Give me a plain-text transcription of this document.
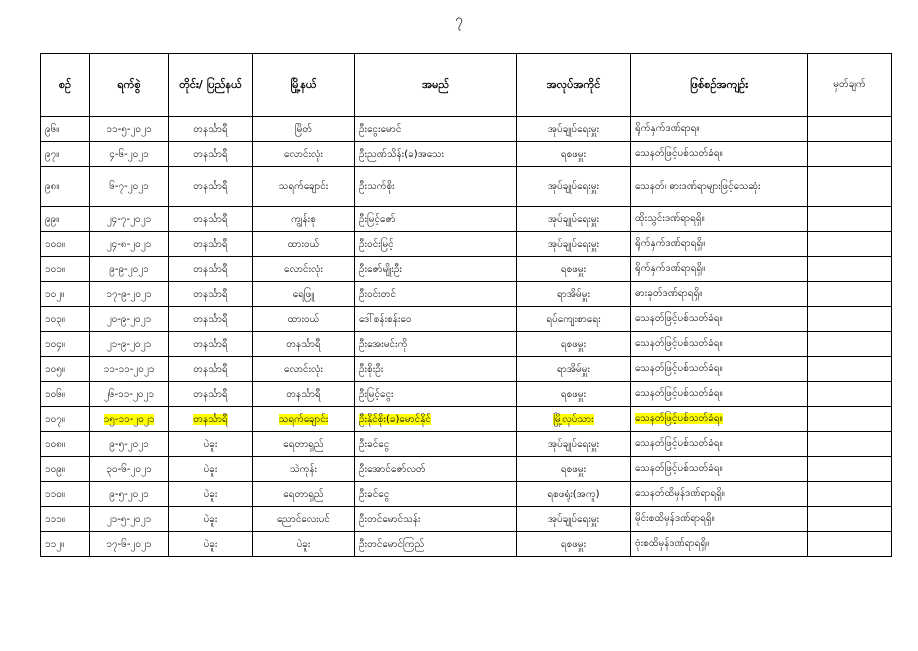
၇
စဉ်	ရက်စွဲ	တိုင်း/ ပြည်နယ်	မြို့နယ်	အမည်	အလုပ်အကိုင်	ဖြစ်စဉ်အကျဉ်း	မှတ်ချက်
၉၆။	၁၁-၅-၂၀၂၁	တနင်္သာရီ	မြိတ်	ဦးငွေးမောင်	အုပ်ချုပ်ရေးမှူး	ရိုက်နှက်ဒဏ်ရာရ။	
၉၇။	၄-၆-၂၀၂၁	တနင်္သာရီ	လောင်းလုံး	ဦးညဏ်သိန်း(ခ)အသေး	ရစဖမှူး	သေနတ်ဖြင့်ပစ်သတ်ခံရ။	
၉၈။	၆-၇-၂၀၂၁	တနင်္သာရီ	သရက်ချောင်း	ဦးသက်စိုး	အုပ်ချုပ်ရေးမှူး	သေနတ်၊ ဓားဒဏ်ရာများဖြင့်သေဆုံး	
၉၉။	၂၄-၇-၂၀၂၁	တနင်္သာရီ	ကျွန်းစု	ဦးမြင့်ဇော်	အုပ်ချုပ်ရေးမှူး	ထိုးသွင်းဒဏ်ရာရရှိ။	
၁၀၀။	၂၄-၈-၂၀၂၁	တနင်္သာရီ	ထားဝယ်	ဦးဝင်းမြင့်	အုပ်ချုပ်ရေးမှူး	ရိုက်နှက်ဒဏ်ရာရရှိ။	
၁၀၁။	၉-၉-၂၀၂၁	တနင်္သာရီ	လောင်းလုံး	ဦးဇော်မျိုးဦး	ရစဖမှူး	ရိုက်နှက်ဒဏ်ရာရရှိ။	
၁၀၂။	၁၇-၉-၂၀၂၁	တနင်္သာရီ	ရေဖြူ	ဦးဝင်းတင်	ရာအိမ်မှူး	ဓားခုတ်ဒဏ်ရာရရှိ။	
၁၀၃။	၂၀-၉-၂၀၂၁	တနင်္သာရီ	ထားဝယ်	ဒေါ်စန်းစန်းဝေ	ရပ်ကျေးစာရေး	သေနတ်ဖြင့်ပစ်သတ်ခံရ။	
၁၀၄။	၂၁-၉-၂၀၂၁	တနင်္သာရီ	တနင်္သာရီ	ဦးအေးမင်းကို	ရစဖမှူး	သေနတ်ဖြင့်ပစ်သတ်ခံရ။	
၁၀၅။	၁၁-၁၁-၂၀၂၁	တနင်္သာရီ	လောင်းလုံး	ဦးစိုးဦး	ရာအိမ်မှူး	သေနတ်ဖြင့်ပစ်သတ်ခံရ။	
၁၀၆။	၂၆-၁၁-၂၀၂၁	တနင်္သာရီ	တနင်္သာရီ	ဦးမြင့်ငွေး	ရစဖမှူး	သေနတ်ဖြင့်ပစ်သတ်ခံရ။	
၁၀၇။	၁၅-၁၁-၂၀၂၁	တနင်္သာရီ	သရက်ချောင်း	ဦးနိုင်စိုး(ခ)မောင်နိုင်	မြို့လုပ်သား	သေနတ်ဖြင့်ပစ်သတ်ခံရ။	
၁၀၈။	၉-၅-၂၀၂၁	ပဲခူး	ရေတာရှည်	ဦးခင်ငွေ	အုပ်ချုပ်ရေးမှူး	သေနတ်ဖြင့်ပစ်သတ်ခံရ။	
၁၀၉။	၃၀-၆-၂၀၂၁	ပဲခူး	သဲကုန်း	ဦးအောင်ဇော်လတ်	ရစဖမှူး	သေနတ်ဖြင့်ပစ်သတ်ခံရ။	
၁၁၀။	၉-၅-၂၀၂၁	ပဲခူး	ရေတာရှည်	ဦးခင်ငွေ	ရစဖရုံး(အကူ)	သေနတ်ထိမှန်ဒဏ်ရာရရှိ။	
၁၁၁။	၂၁-၅-၂၀၂၁	ပဲခူး	ညောင်လေးပင်	ဦးတင်မောင်သန်း	အုပ်ချုပ်ရေးမှူး	မိုင်းစထိမှန်ဒဏ်ရာရရှိ။	
၁၁၂။	၁၇-၆-၂၀၂၁	ပဲခူး	ပဲခူး	ဦးတင်မောင်ကြည်	ရစဖမှူး	ဗုံးစထိမှန်ဒဏ်ရာရရှိ။	
